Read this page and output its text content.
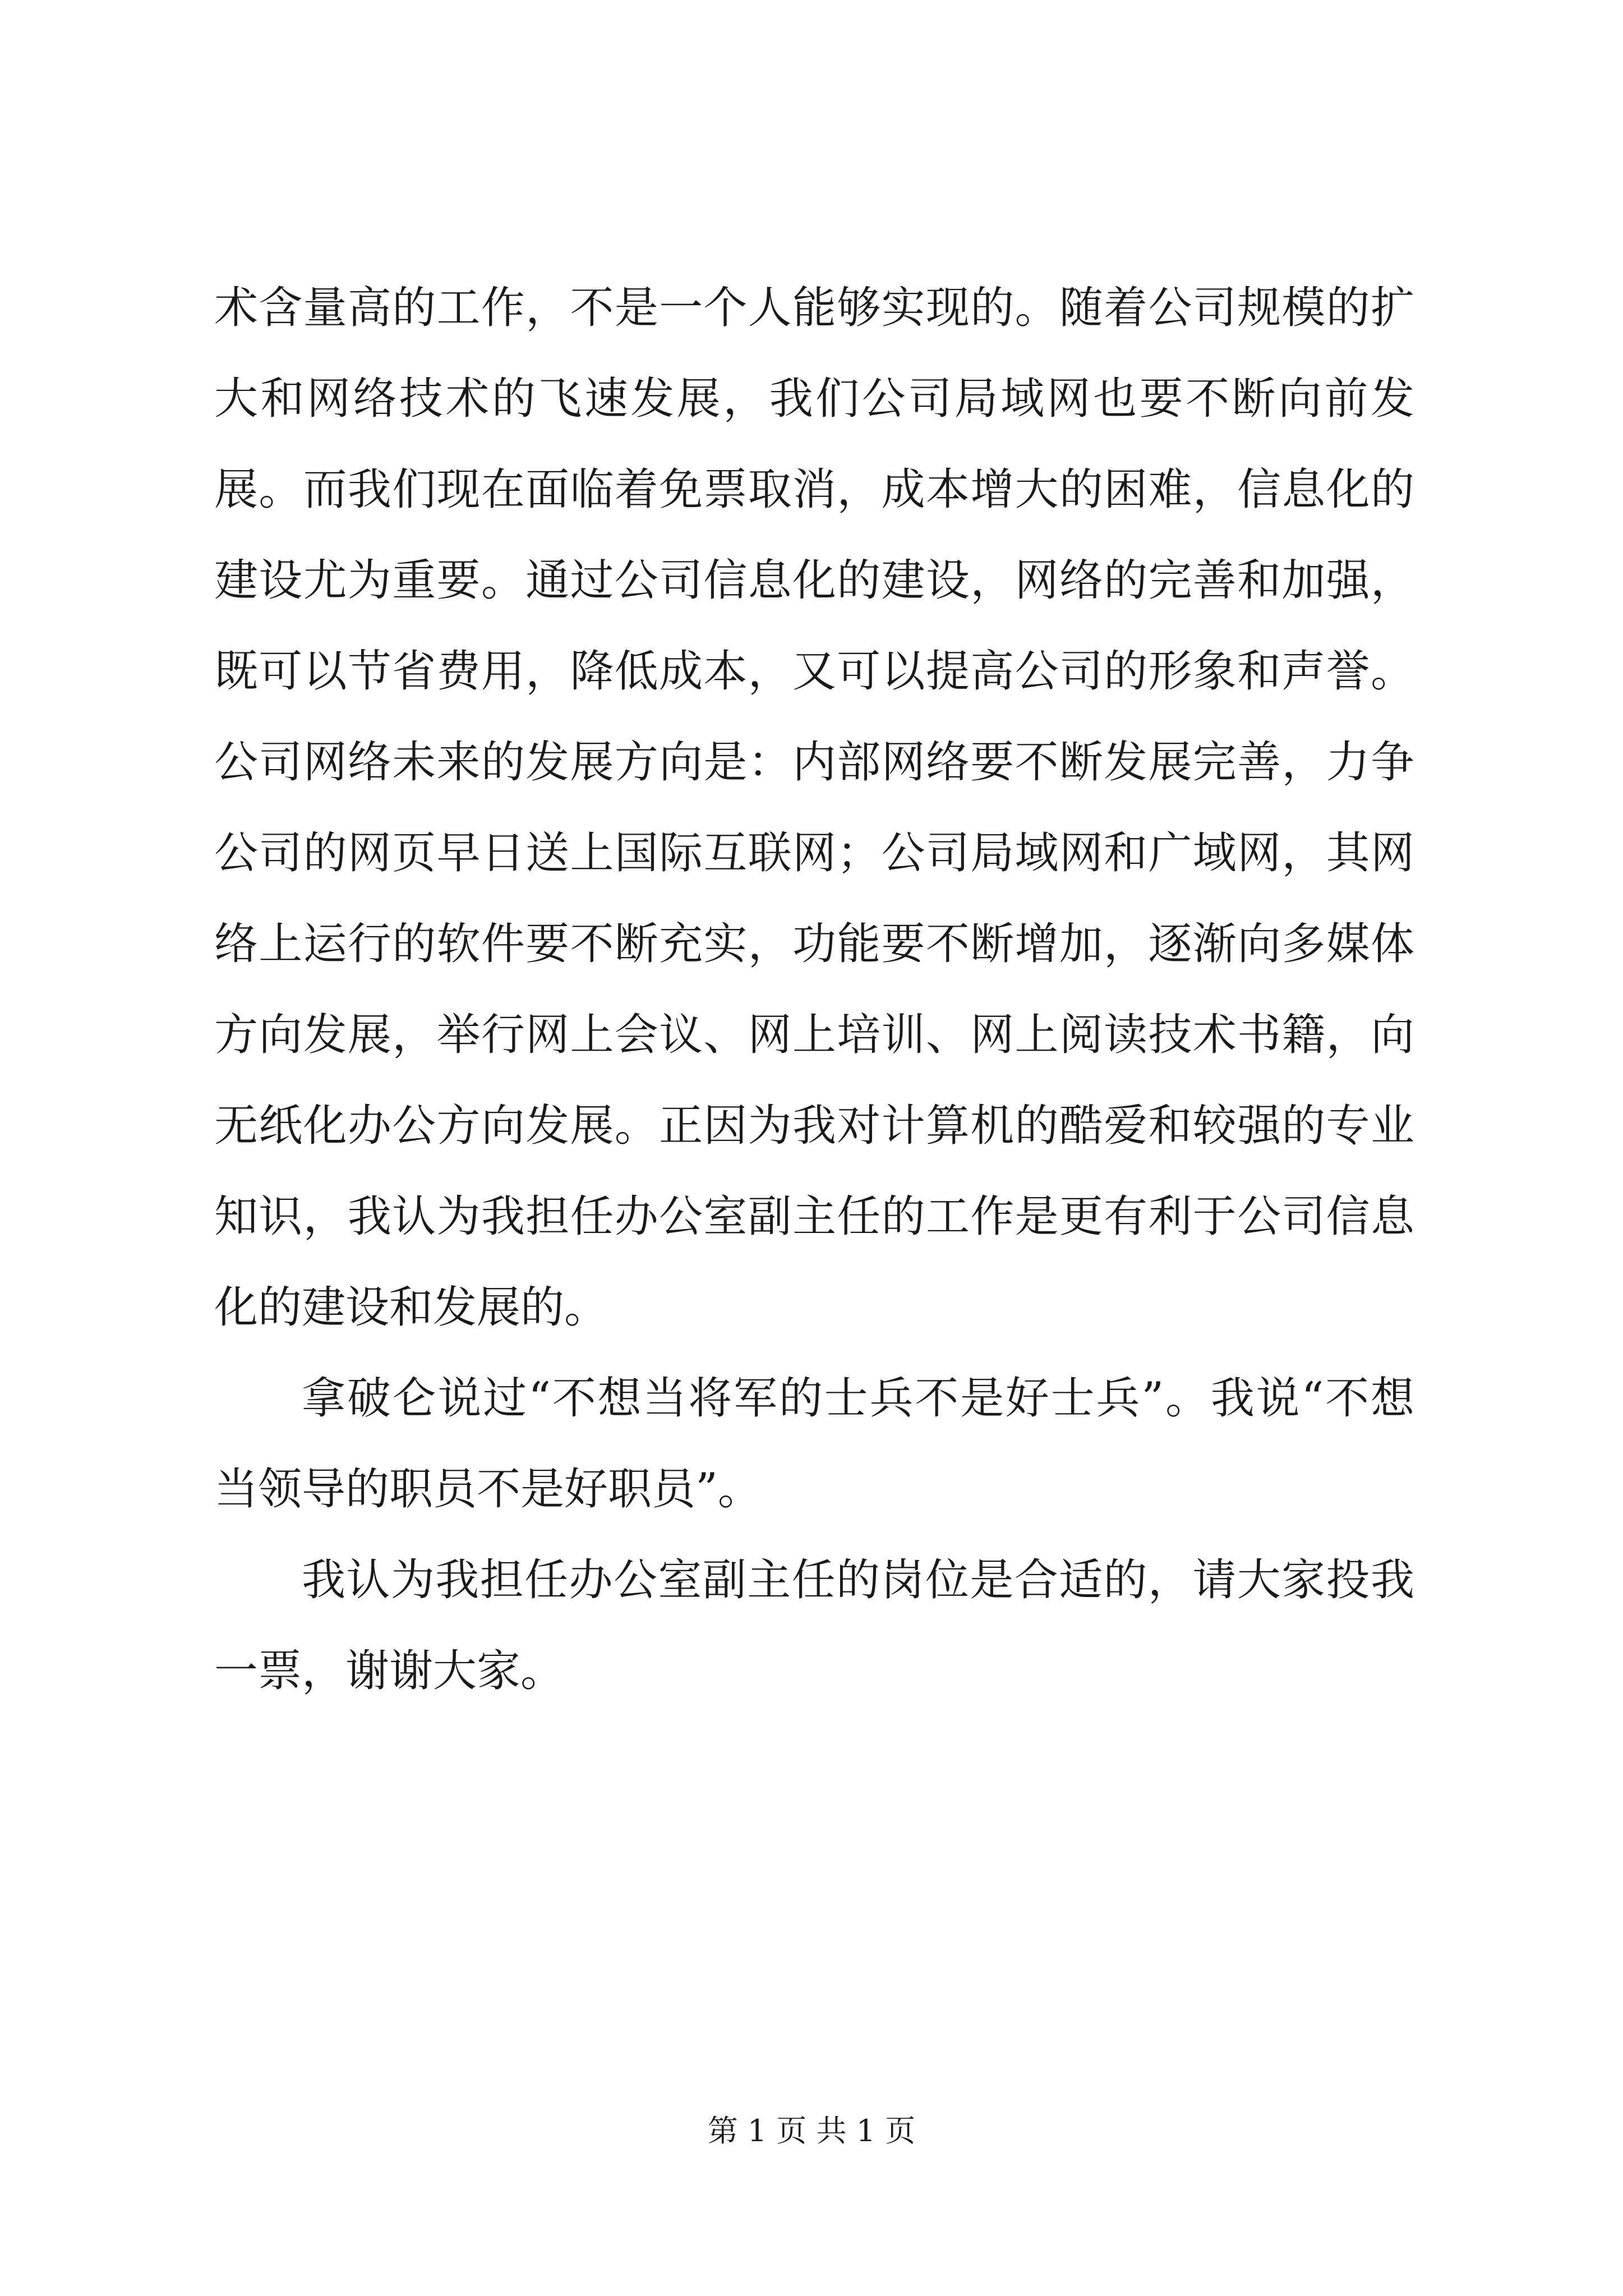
术含量高的工作，不是一个人能够实现的。随着公司规模的扩大和网络技术的飞速发展，我们公司局域网也要不断向前发展。而我们现在面临着免票取消，成本增大的困难，信息化的建设尤为重要。通过公司信息化的建设，网络的完善和加强，既可以节省费用，降低成本，又可以提高公司的形象和声誉。公司网络未来的发展方向是：内部网络要不断发展完善，力争公司的网页早日送上国际互联网；公司局域网和广域网，其网络上运行的软件要不断充实，功能要不断增加，逐渐向多媒体方向发展，举行网上会议、网上培训、网上阅读技术书籍，向无纸化办公方向发展。正因为我对计算机的酷爱和较强的专业知识，我认为我担任办公室副主任的工作是更有利于公司信息化的建设和发展的。

拿破仑说过“不想当将军的士兵不是好士兵”。我说“不想当领导的职员不是好职员”。

我认为我担任办公室副主任的岗位是合适的，请大家投我一票，谢谢大家。

第 1 页 共 1 页
